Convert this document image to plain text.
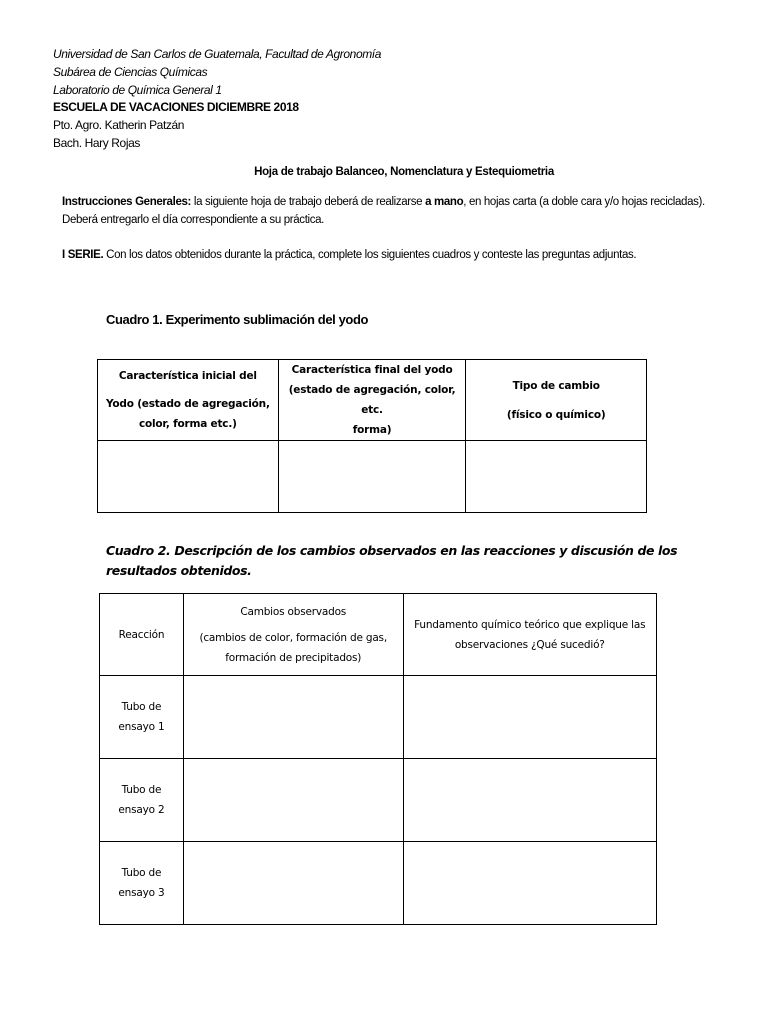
Universidad de San Carlos de Guatemala, Facultad de Agronomía
Subárea de Ciencias Químicas
Laboratorio de Química General 1
ESCUELA DE VACACIONES DICIEMBRE 2018
Pto. Agro. Katherin Patzán
Bach. Hary Rojas
Hoja de trabajo Balanceo, Nomenclatura y Estequiometria
Instrucciones Generales: la siguiente hoja de trabajo deberá de realizarse a mano, en hojas carta (a doble cara y/o hojas recicladas).
Deberá entregarlo el día correspondiente a su práctica.
I SERIE. Con los datos obtenidos durante la práctica, complete los siguientes cuadros y conteste las preguntas adjuntas.
Cuadro 1. Experimento sublimación del yodo
Característica inicial del
Yodo (estado de agregación,
color, forma etc.)	Característica final del yodo
(estado de agregación, color, etc.
forma)	Tipo de cambio
(físico o químico)

Cuadro 2. Descripción de los cambios observados en las reacciones y discusión de los resultados obtenidos.
Reacción	Cambios observados
(cambios de color, formación de gas,
formación de precipitados)	Fundamento químico teórico que explique las
observaciones ¿Qué sucedió?

Tubo de
ensayo 1		

Tubo de
ensayo 2		

Tubo de
ensayo 3		
